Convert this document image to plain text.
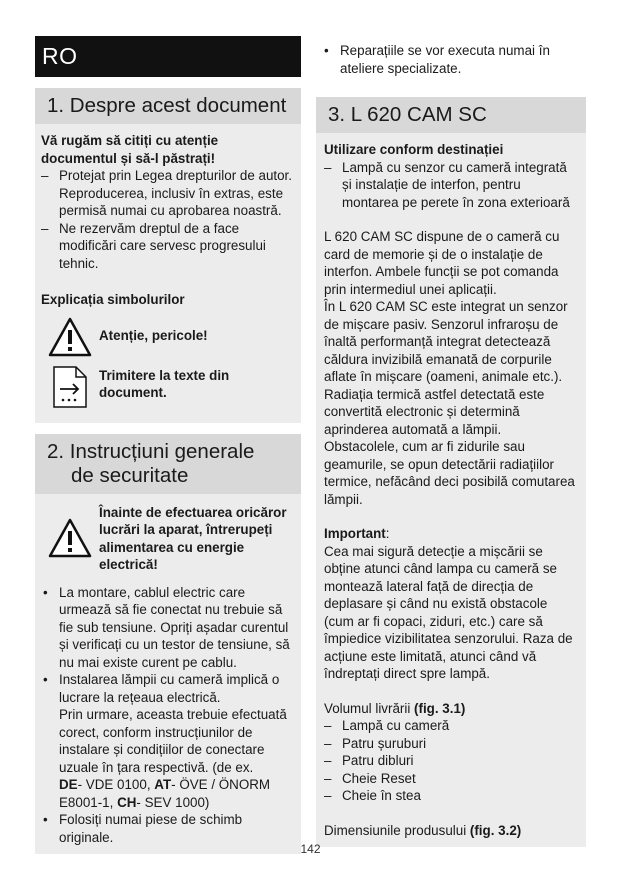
RO
1. Despre acest document

Vă rugăm să citiți cu atenție documentul și să-l păstrați!

– Protejat prin Legea drepturilor de autor. Reproducerea, inclusiv în extras, este permisă numai cu aprobarea noastră.
– Ne rezervăm dreptul de a face modificări care servesc progresului tehnic.

Explicația simbolurilor

Atenție, pericole!
Trimitere la texte din document.
2. Instrucțiuni generale
de securitate

Înainte de efectuarea oricăror lucrări la aparat, întrerupeți alimentarea cu energie electrică!

• La montare, cablul electric care urmează să fie conectat nu trebuie să fie sub tensiune. Opriți așadar curentul și verificați cu un testor de tensiune, să nu mai existe curent pe cablu.
• Instalarea lămpii cu cameră implică o lucrare la rețeaua electrică.
Prin urmare, aceasta trebuie efectuată corect, conform instrucțiunilor de instalare și condițiilor de conectare uzuale în țara respectivă. (de ex.
DE- VDE 0100, AT- ÖVE / ÖNORM E8001-1, CH- SEV 1000)
• Folosiți numai piese de schimb originale.
• Reparațiile se vor executa numai în ateliere specializate.
3. L 620 CAM SC

Utilizare conform destinației

– Lampă cu senzor cu cameră integrată și instalație de interfon, pentru montarea pe perete în zona exterioară

L 620 CAM SC dispune de o cameră cu card de memorie și de o instalație de interfon. Ambele funcții se pot comanda prin intermediul unei aplicații.

În L 620 CAM SC este integrat un senzor de mișcare pasiv. Senzorul infraroșu de înaltă performanță integrat detectează căldura invizibilă emanată de corpurile aflate în mișcare (oameni, animale etc.). Radiația termică astfel detectată este convertită electronic și determină aprinderea automată a lămpii. Obstacolele, cum ar fi zidurile sau geamurile, se opun detectării radiațiilor termice, nefăcând deci posibilă comutarea lămpii.

Important:

Cea mai sigură detecție a mișcării se obține atunci când lampa cu cameră se montează lateral față de direcția de deplasare și când nu există obstacole (cum ar fi copaci, ziduri, etc.) care să împiedice vizibilitatea senzorului. Raza de acțiune este limitată, atunci când vă îndreptați direct spre lampă.

Volumul livrării (fig. 3.1)

– Lampă cu cameră
– Patru șuruburi
– Patru dibluri
– Cheie Reset
– Cheie în stea

Dimensiunile produsului (fig. 3.2)

142
